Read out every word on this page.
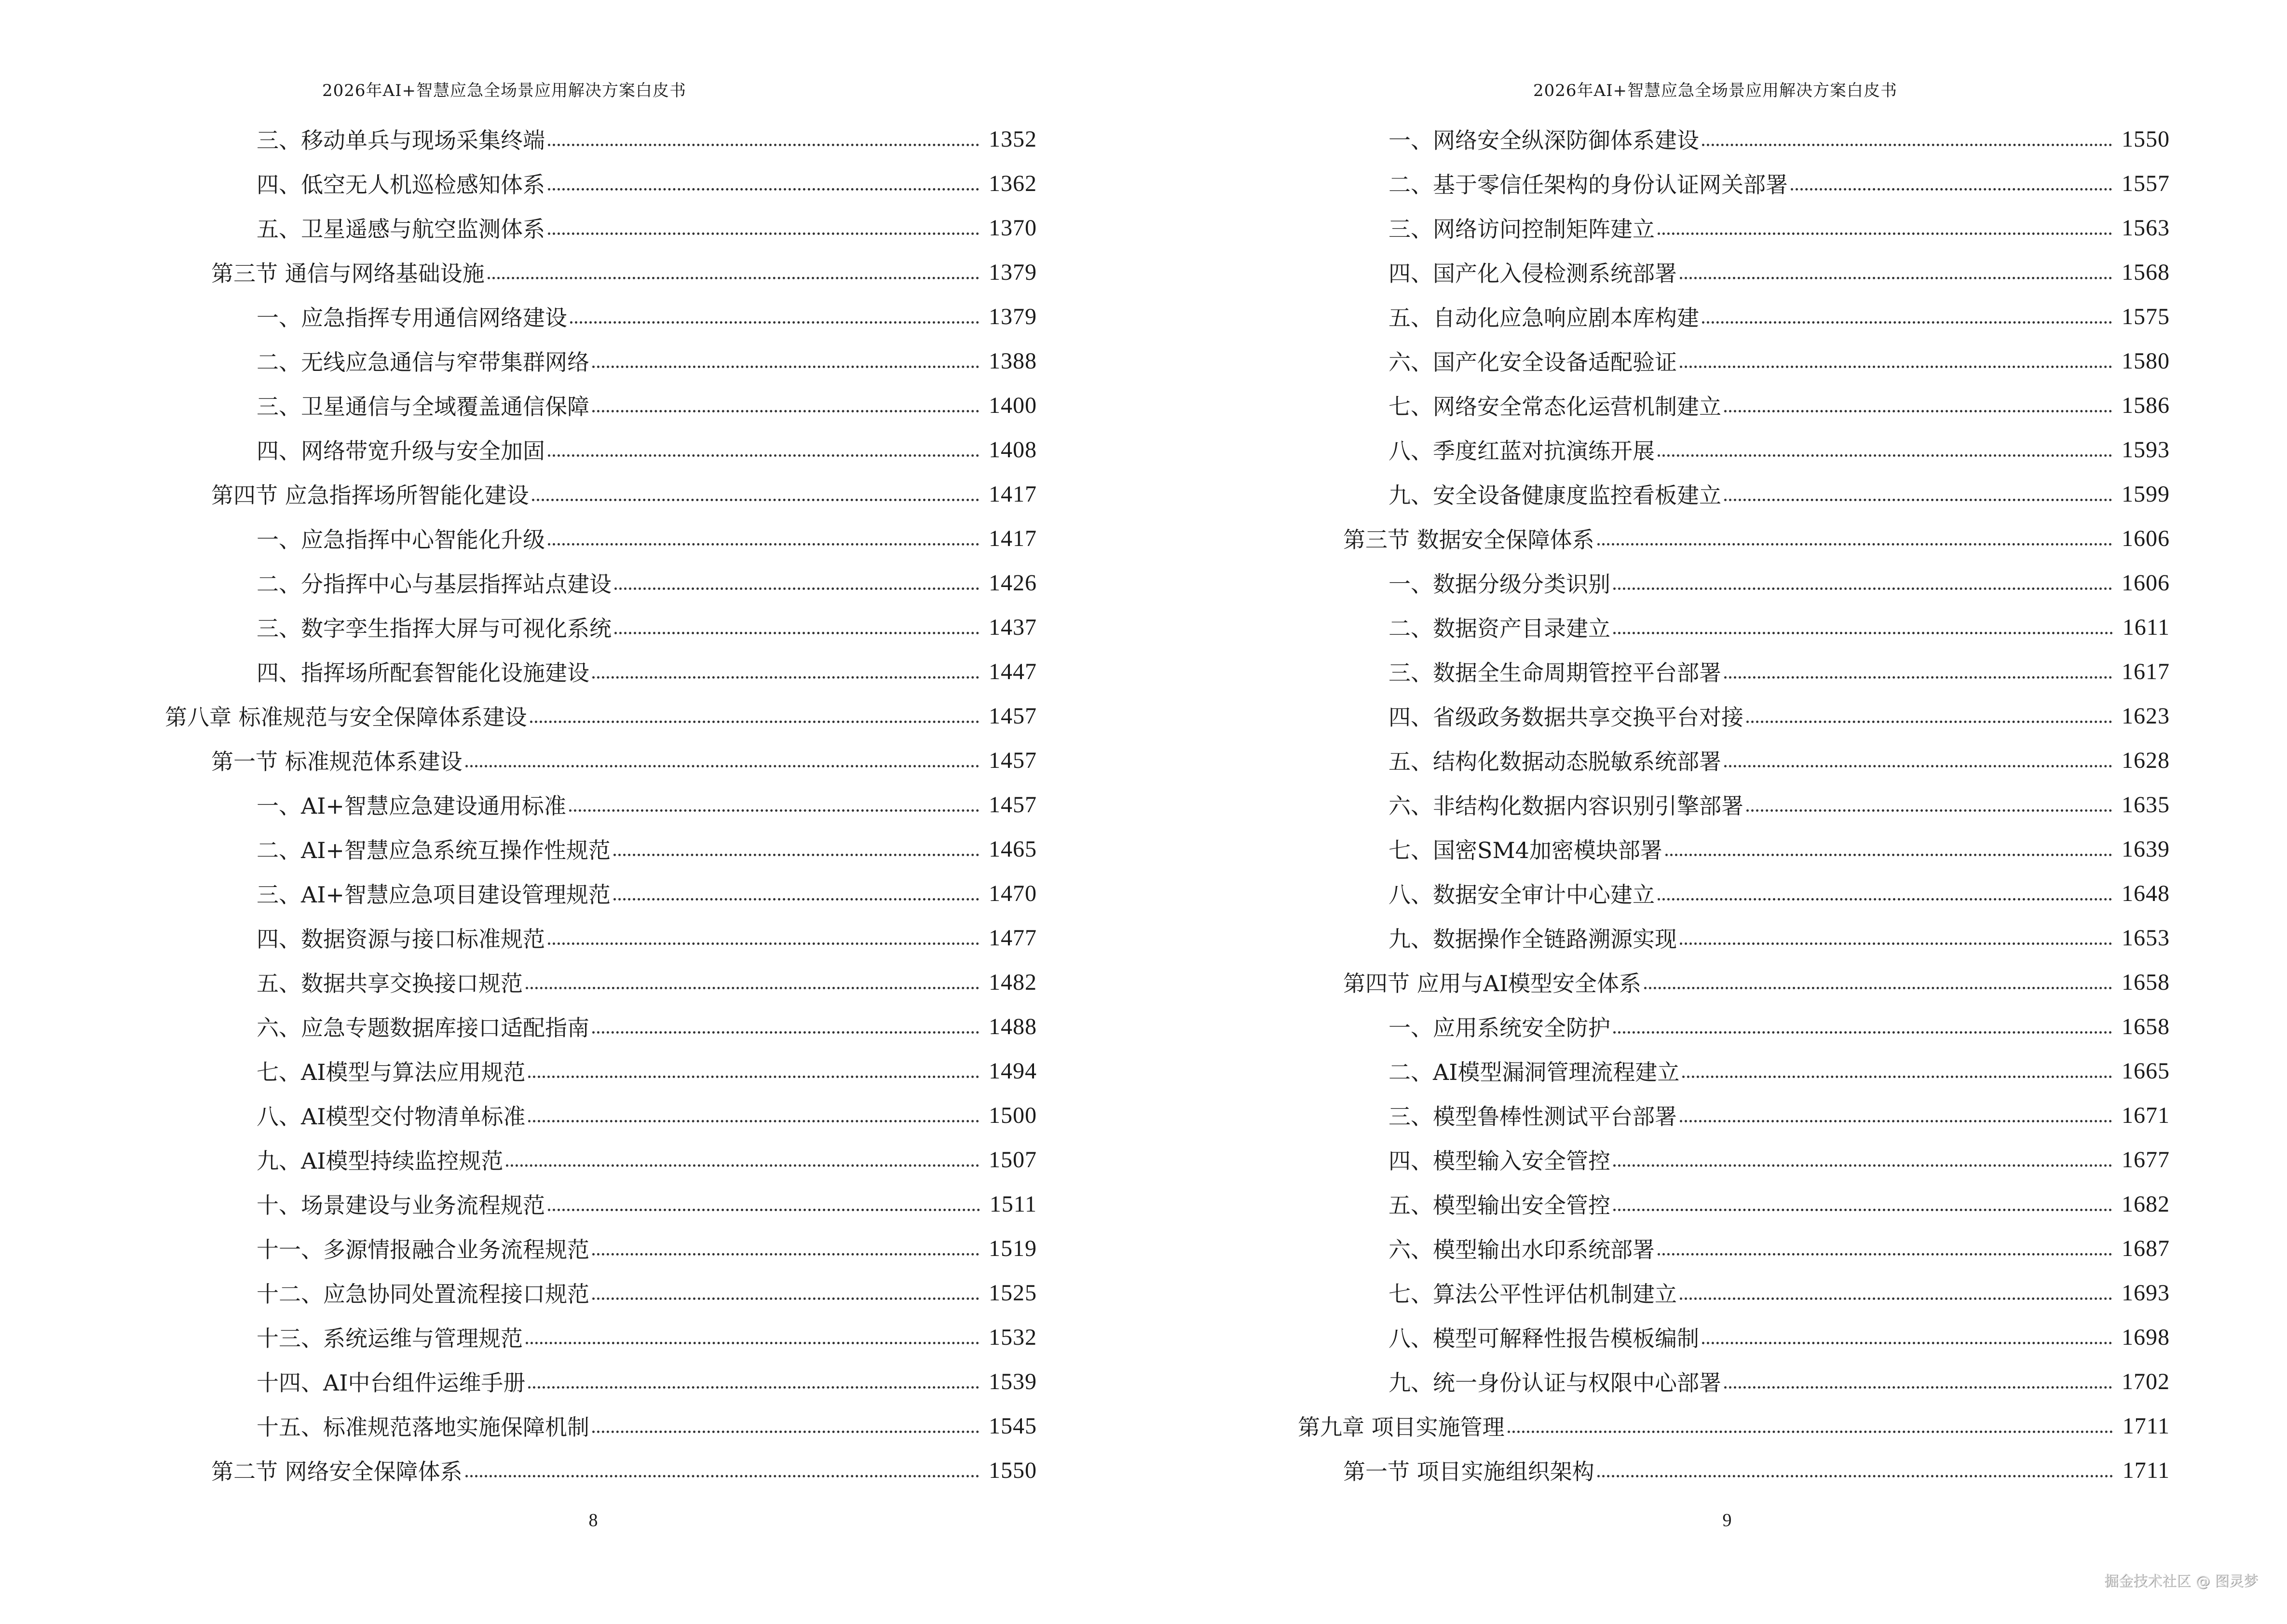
2026年AI+智慧应急全场景应用解决方案白皮书
三、移动单兵与现场采集终端	1352
四、低空无人机巡检感知体系	1362
五、卫星遥感与航空监测体系	1370
第三节 通信与网络基础设施	1379
一、应急指挥专用通信网络建设	1379
二、无线应急通信与窄带集群网络	1388
三、卫星通信与全域覆盖通信保障	1400
四、网络带宽升级与安全加固	1408
第四节 应急指挥场所智能化建设	1417
一、应急指挥中心智能化升级	1417
二、分指挥中心与基层指挥站点建设	1426
三、数字孪生指挥大屏与可视化系统	1437
四、指挥场所配套智能化设施建设	1447
第八章 标准规范与安全保障体系建设	1457
第一节 标准规范体系建设	1457
一、AI+智慧应急建设通用标准	1457
二、AI+智慧应急系统互操作性规范	1465
三、AI+智慧应急项目建设管理规范	1470
四、数据资源与接口标准规范	1477
五、数据共享交换接口规范	1482
六、应急专题数据库接口适配指南	1488
七、AI模型与算法应用规范	1494
八、AI模型交付物清单标准	1500
九、AI模型持续监控规范	1507
十、场景建设与业务流程规范	1511
十一、多源情报融合业务流程规范	1519
十二、应急协同处置流程接口规范	1525
十三、系统运维与管理规范	1532
十四、AI中台组件运维手册	1539
十五、标准规范落地实施保障机制	1545
第二节 网络安全保障体系	1550
8
2026年AI+智慧应急全场景应用解决方案白皮书
一、网络安全纵深防御体系建设	1550
二、基于零信任架构的身份认证网关部署	1557
三、网络访问控制矩阵建立	1563
四、国产化入侵检测系统部署	1568
五、自动化应急响应剧本库构建	1575
六、国产化安全设备适配验证	1580
七、网络安全常态化运营机制建立	1586
八、季度红蓝对抗演练开展	1593
九、安全设备健康度监控看板建立	1599
第三节 数据安全保障体系	1606
一、数据分级分类识别	1606
二、数据资产目录建立	1611
三、数据全生命周期管控平台部署	1617
四、省级政务数据共享交换平台对接	1623
五、结构化数据动态脱敏系统部署	1628
六、非结构化数据内容识别引擎部署	1635
七、国密SM4加密模块部署	1639
八、数据安全审计中心建立	1648
九、数据操作全链路溯源实现	1653
第四节 应用与AI模型安全体系	1658
一、应用系统安全防护	1658
二、AI模型漏洞管理流程建立	1665
三、模型鲁棒性测试平台部署	1671
四、模型输入安全管控	1677
五、模型输出安全管控	1682
六、模型输出水印系统部署	1687
七、算法公平性评估机制建立	1693
八、模型可解释性报告模板编制	1698
九、统一身份认证与权限中心部署	1702
第九章 项目实施管理	1711
第一节 项目实施组织架构	1711
9
掘金技术社区 @ 图灵梦
